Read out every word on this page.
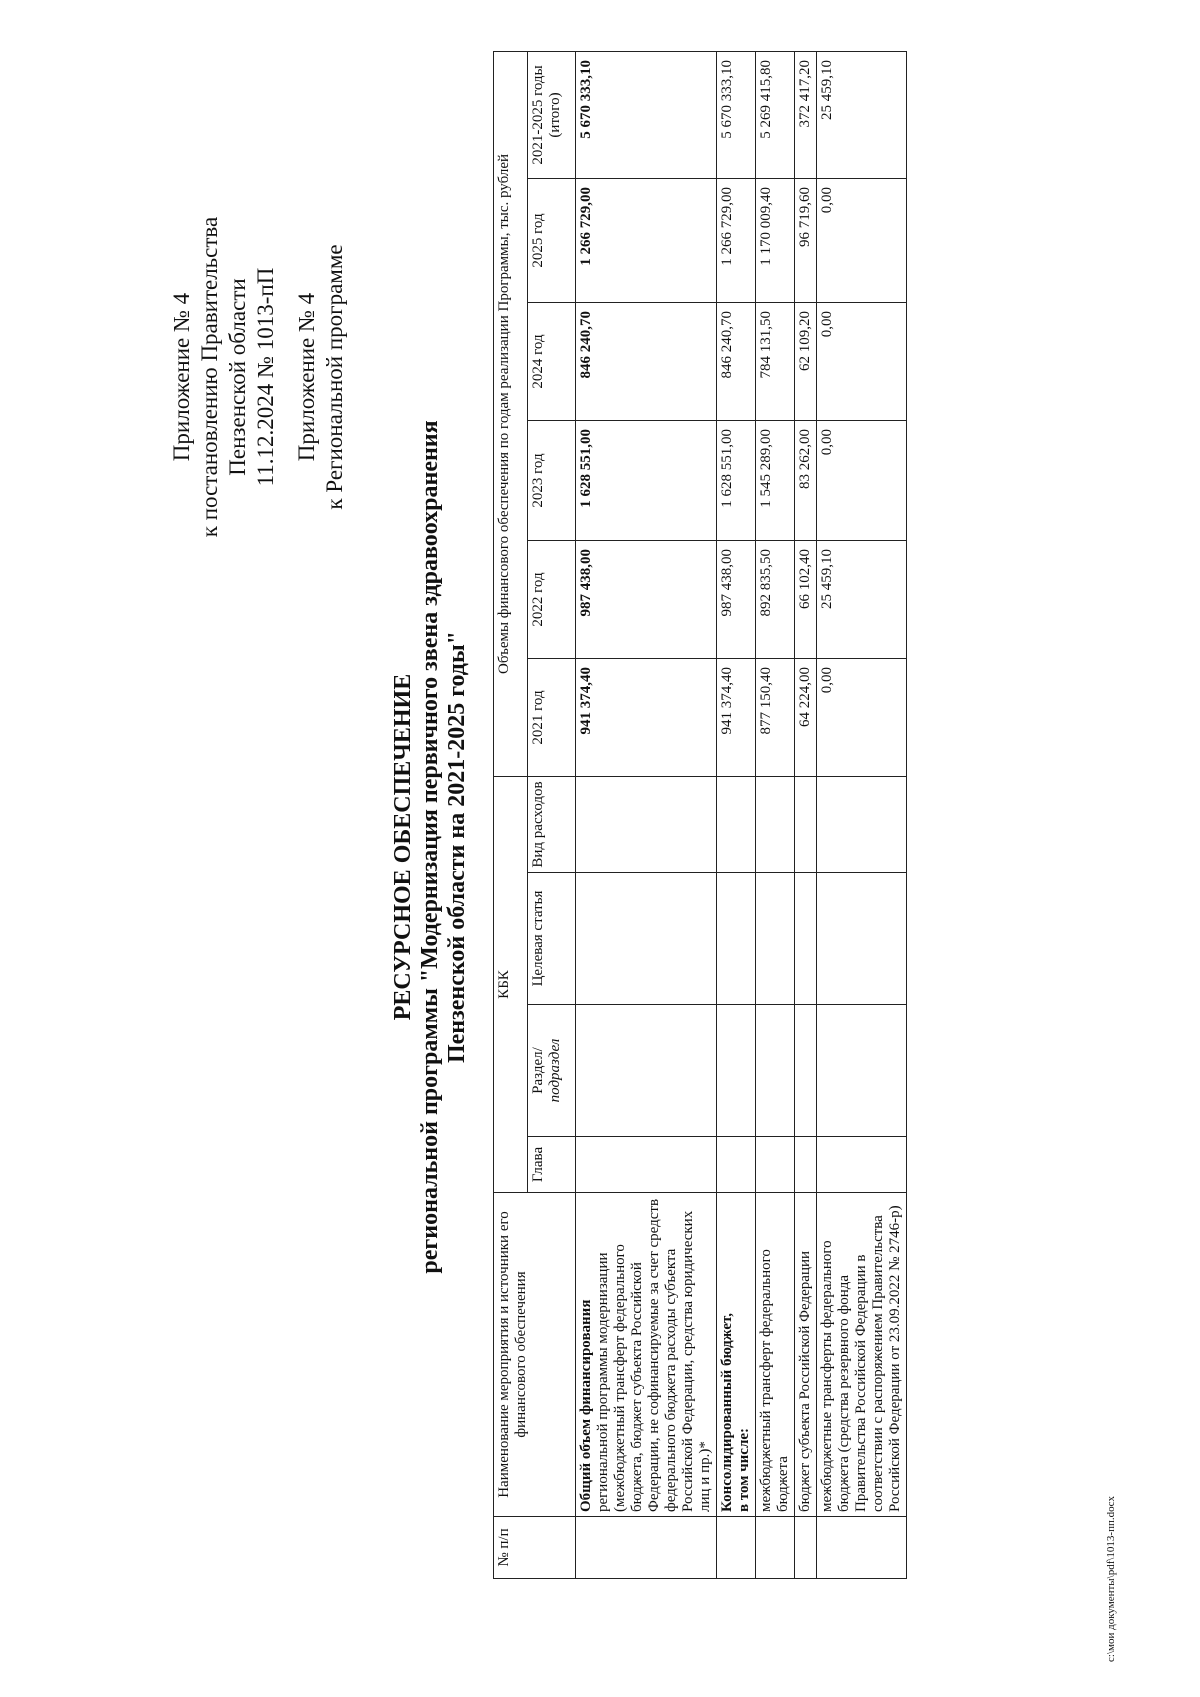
Приложение № 4 к постановлению Правительства Пензенской области 11.12.2024 № 1013-пП Приложение № 4 к Региональной программе
РЕСУРСНОЕ ОБЕСПЕЧЕНИЕ региональной программы "Модернизация первичного звена здравоохранения Пензенской области на 2021-2025 годы"
№ п/п	Наименование мероприятия и источники его финансового обеспечения	КБК				Объемы финансового обеспечения по годам реализации Программы, тыс. рублей					
		Глава	Раздел/
подраздел	Целевая статья	Вид расходов	2021 год	2022 год	2023 год	2024 год	2025 год	2021-2025 годы (итого)
	Общий объем финансирования
региональной программы модернизации (межбюджетный трансферт федерального бюджета, бюджет субъекта Российской Федерации, не софинансируемые за счет средств федерального бюджета расходы субъекта Российской Федерации, средства юридических лиц и пр.)*					941 374,40	987 438,00	1 628 551,00	846 240,70	1 266 729,00	5 670 333,10
	Консолидированный бюджет,
в том числе:					941 374,40	987 438,00	1 628 551,00	846 240,70	1 266 729,00	5 670 333,10
	межбюджетный трансферт федерального бюджета					877 150,40	892 835,50	1 545 289,00	784 131,50	1 170 009,40	5 269 415,80
	бюджет субъекта Российской Федерации					64 224,00	66 102,40	83 262,00	62 109,20	96 719,60	372 417,20
	межбюджетные трансферты федерального бюджета (средства резервного фонда Правительства Российской Федерации в соответствии с распоряжением Правительства Российской Федерации от 23.09.2022 № 2746-р)					0,00	25 459,10	0,00	0,00	0,00	25 459,10
c:\мои документы\pdf\1013-пп.docx
